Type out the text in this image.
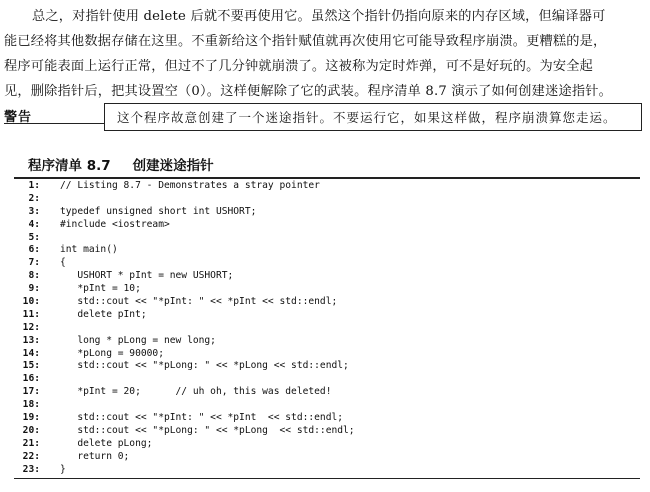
总之，对指针使用 delete 后就不要再使用它。虽然这个指针仍指向原来的内存区域，但编译器可

能已经将其他数据存储在这里。不重新给这个指针赋值就再次使用它可能导致程序崩溃。更糟糕的是，

程序可能表面上运行正常，但过不了几分钟就崩溃了。这被称为定时炸弹，可不是好玩的。为安全起

见，删除指针后，把其设置空（0）。这样便解除了它的武装。程序清单 8.7 演示了如何创建迷途指针。

警告	这个程序故意创建了一个迷途指针。不要运行它，如果这样做，程序崩溃算您走运。
程序清单 8.7 创建迷途指针
1: // Listing 8.7 - Demonstrates a stray pointer
2:
3: typedef unsigned short int USHORT;
4: #include <iostream>
5:
6: int main()
7: {
8: USHORT * pInt = new USHORT;
9: *pInt = 10;
10: std::cout << "*pInt: " << *pInt << std::endl;
11: delete pInt;
12:
13: long * pLong = new long;
14: *pLong = 90000;
15: std::cout << "*pLong: " << *pLong << std::endl;
16:
17: *pInt = 20;      // uh oh, this was deleted!
18:
19: std::cout << "*pInt: " << *pInt  << std::endl;
20: std::cout << "*pLong: " << *pLong  << std::endl;
21: delete pLong;
22: return 0;
23: }
